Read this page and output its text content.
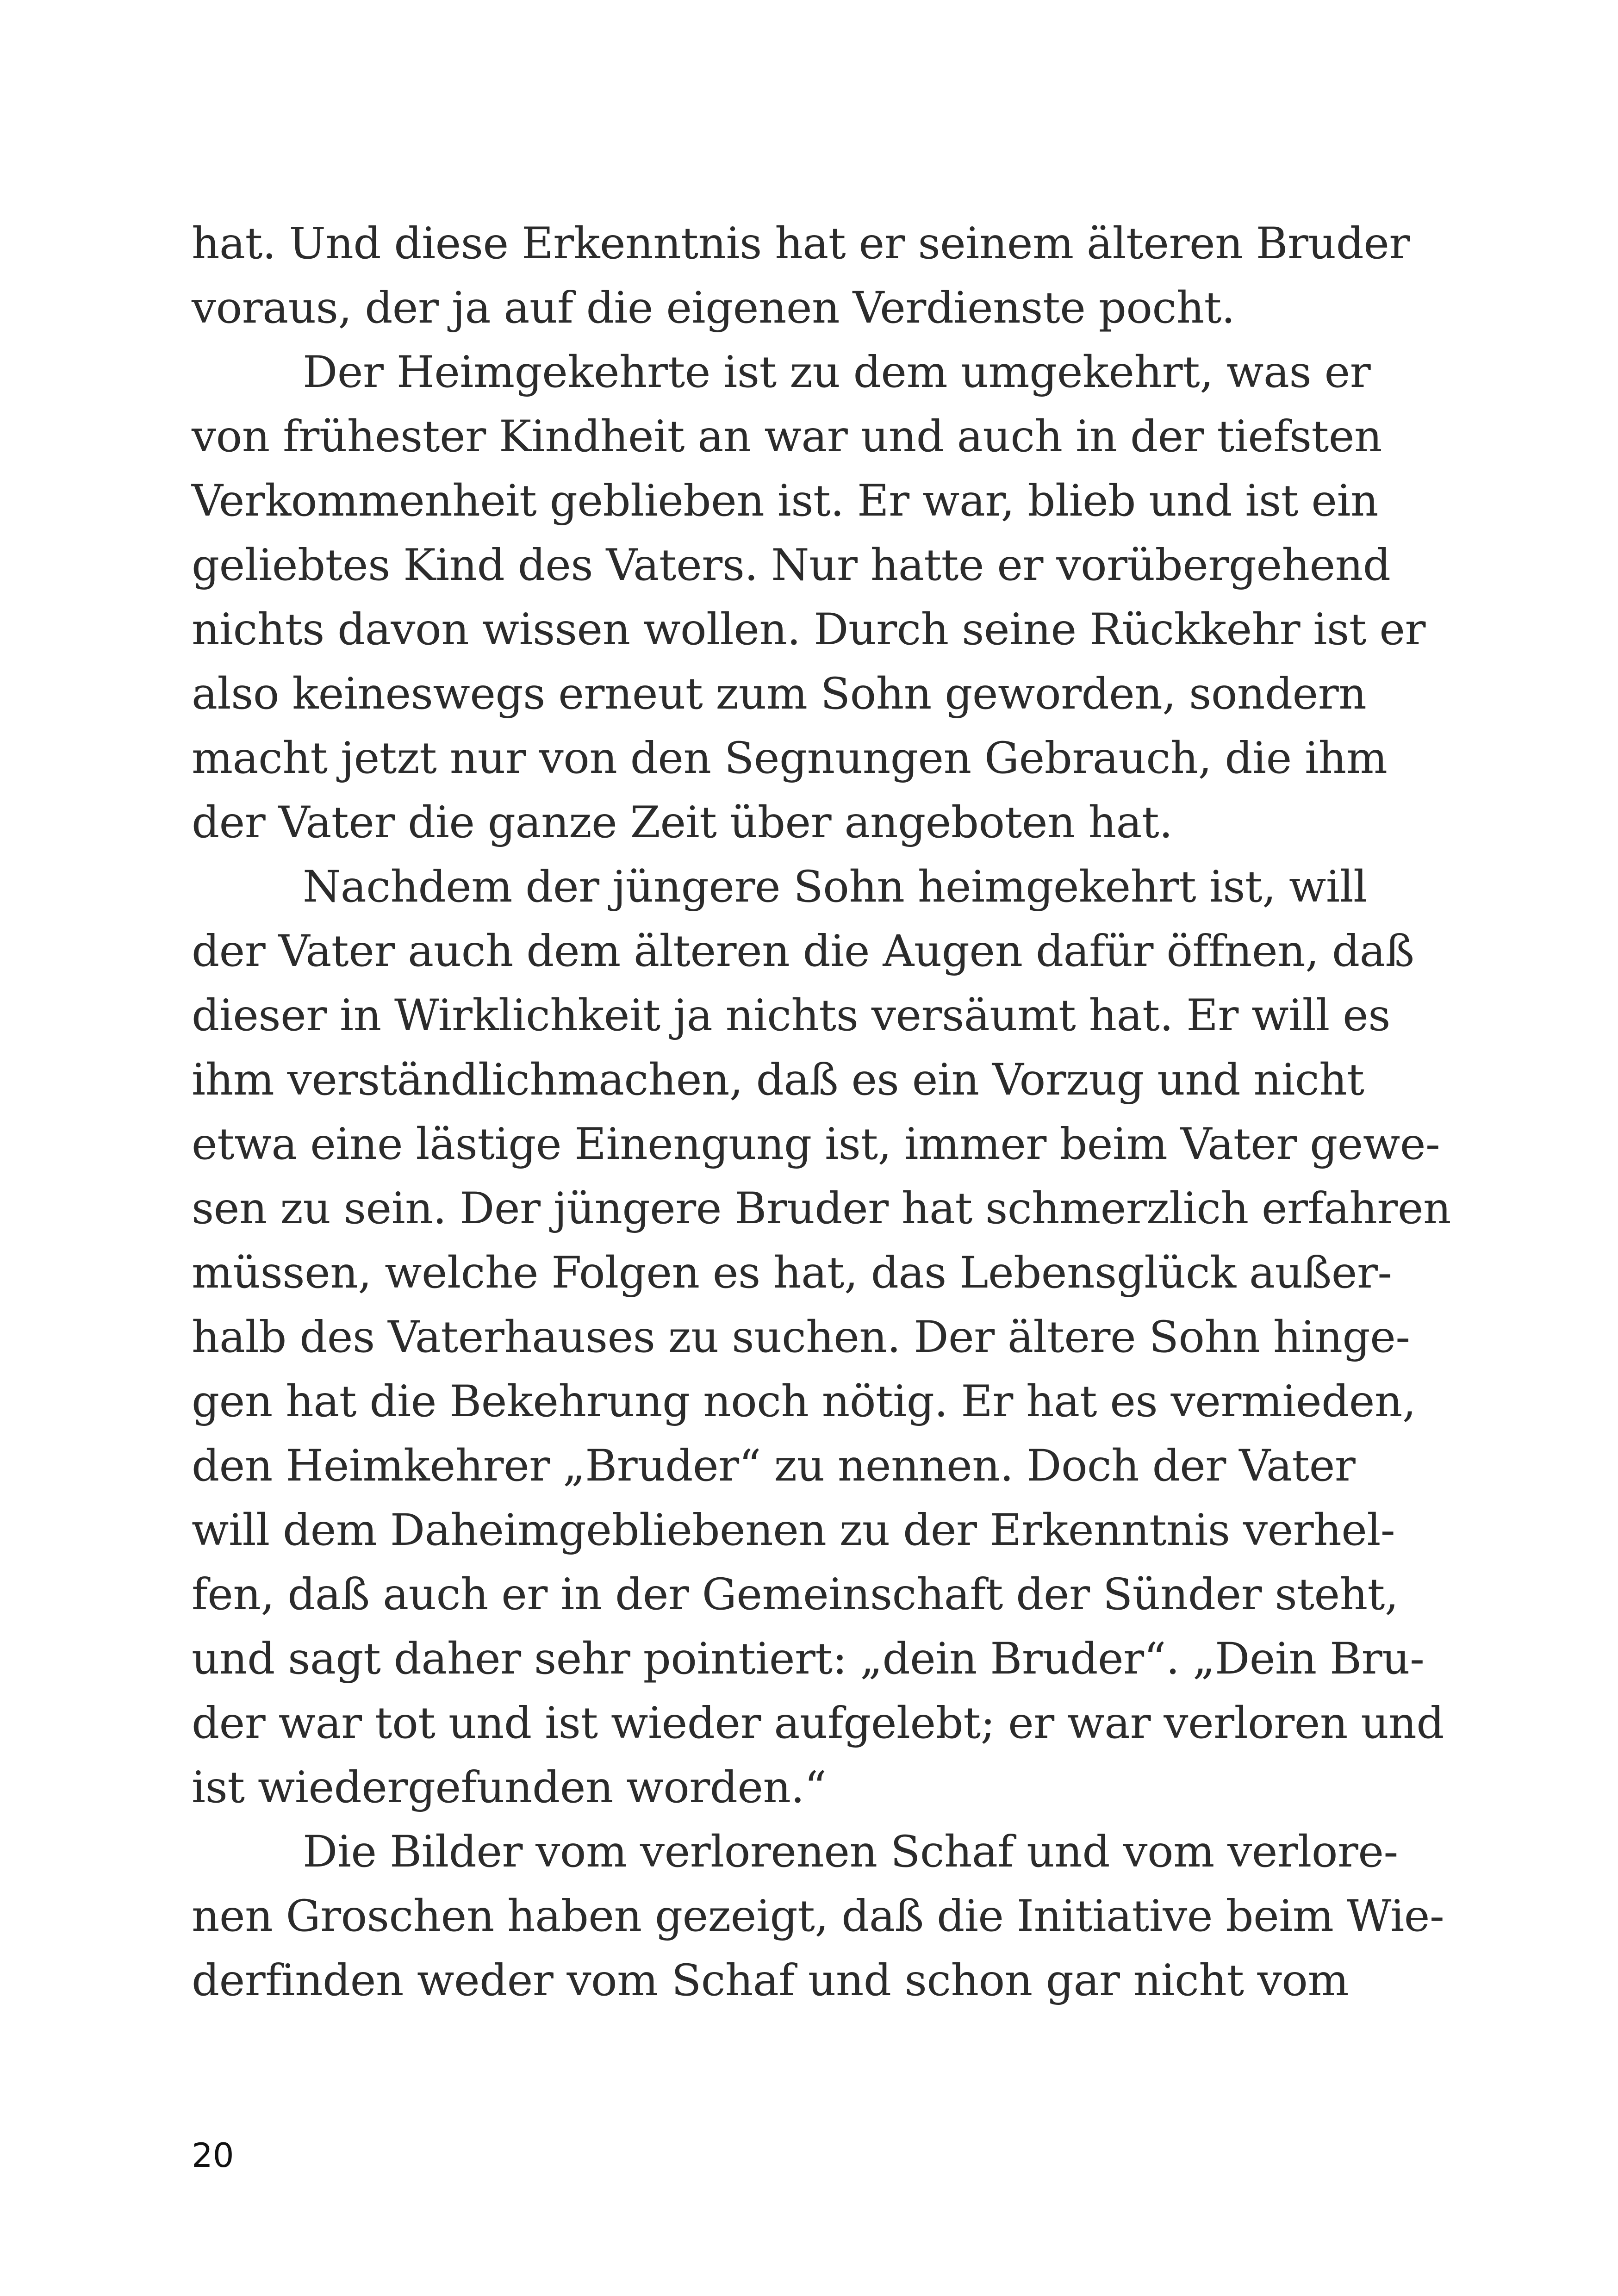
hat. Und diese Erkenntnis hat er seinem älteren Bruder
voraus, der ja auf die eigenen Verdienste pocht.
Der Heimgekehrte ist zu dem umgekehrt, was er
von frühester Kindheit an war und auch in der tiefsten
Verkommenheit geblieben ist. Er war, blieb und ist ein
geliebtes Kind des Vaters. Nur hatte er vorübergehend
nichts davon wissen wollen. Durch seine Rückkehr ist er
also keineswegs erneut zum Sohn geworden, sondern
macht jetzt nur von den Segnungen Gebrauch, die ihm
der Vater die ganze Zeit über angeboten hat.
Nachdem der jüngere Sohn heimgekehrt ist, will
der Vater auch dem älteren die Augen dafür öffnen, daß
dieser in Wirklichkeit ja nichts versäumt hat. Er will es
ihm verständlichmachen, daß es ein Vorzug und nicht
etwa eine lästige Einengung ist, immer beim Vater gewe-
sen zu sein. Der jüngere Bruder hat schmerzlich erfahren
müssen, welche Folgen es hat, das Lebensglück außer-
halb des Vaterhauses zu suchen. Der ältere Sohn hinge-
gen hat die Bekehrung noch nötig. Er hat es vermieden,
den Heimkehrer „Bruder“ zu nennen. Doch der Vater
will dem Daheimgebliebenen zu der Erkenntnis verhel-
fen, daß auch er in der Gemeinschaft der Sünder steht,
und sagt daher sehr pointiert: „dein Bruder“. „Dein Bru-
der war tot und ist wieder aufgelebt; er war verloren und
ist wiedergefunden worden.“
Die Bilder vom verlorenen Schaf und vom verlore-
nen Groschen haben gezeigt, daß die Initiative beim Wie-
derfinden weder vom Schaf und schon gar nicht vom
20
